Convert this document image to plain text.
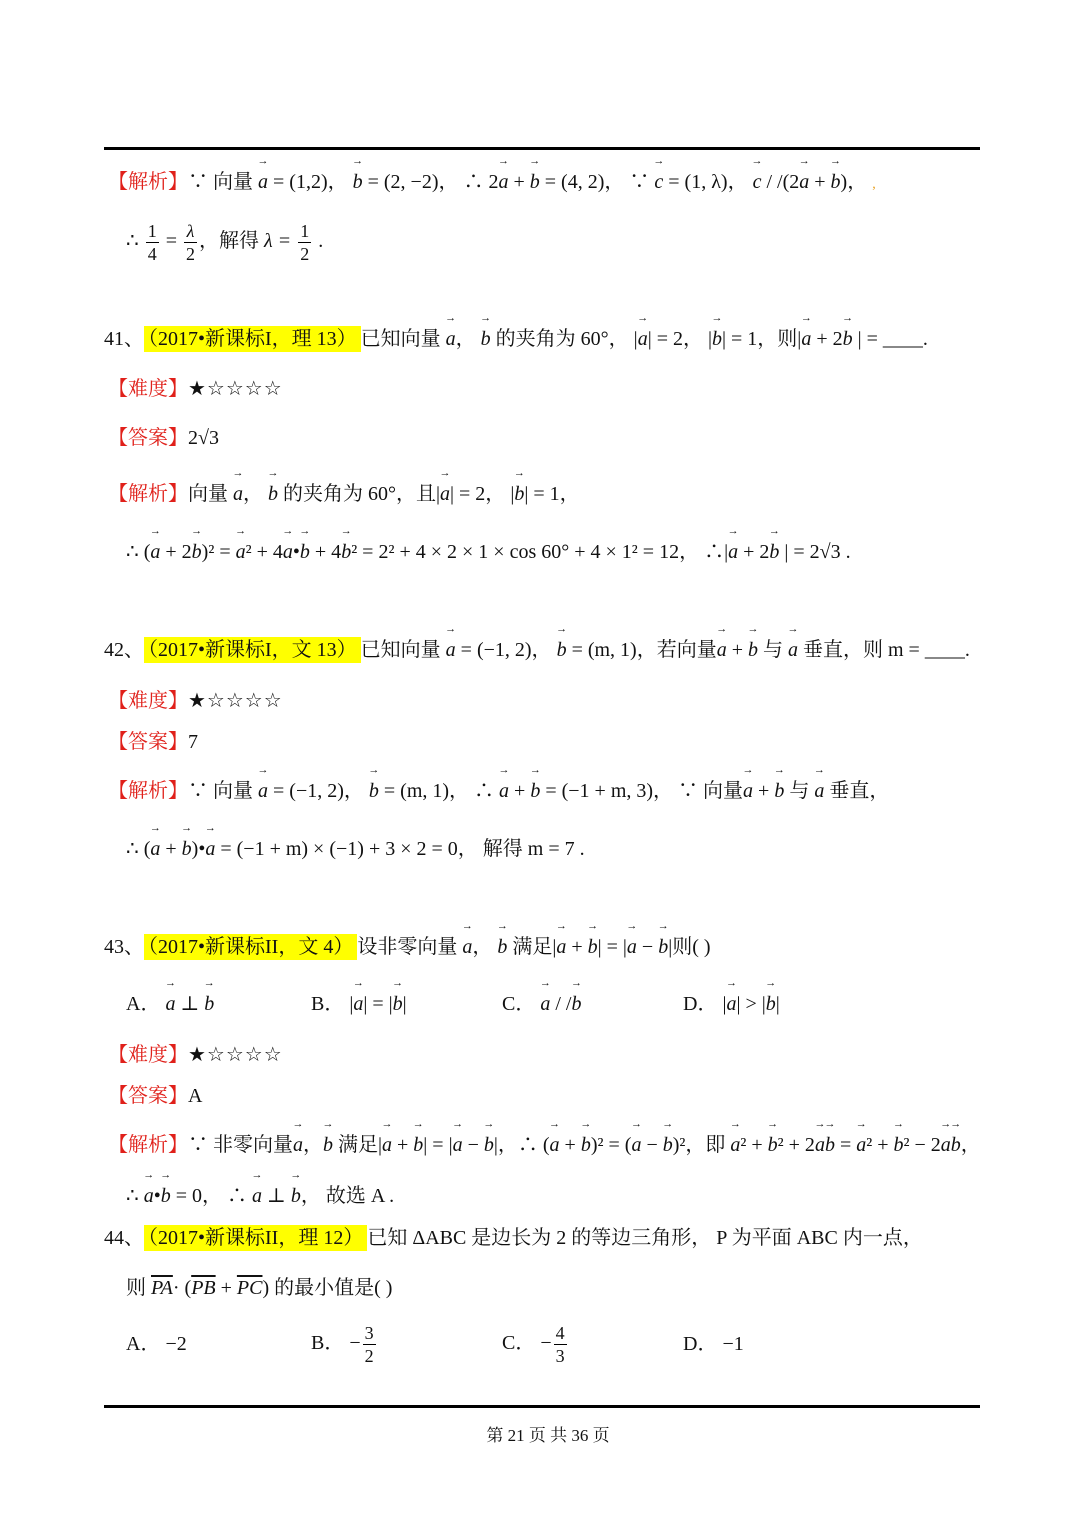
【解析】∵ 向量 → a = (1,2)， → b = (2, −2)， ∴ 2→ a + → b = (4, 2)， ∵ → c = (1, λ)， → c / /(2→ a + → b)， ,
∴ $\frac{1}{4} = \frac{\lambda}{2}$ ，解得 $\lambda = \frac{1}{2}$ .
41、 （2017•新课标I，理 13） 已知向量 → a， → b 的夹角为 60°， |→ a| = 2， |→ b| = 1，则|→ a + 2→ b | = ____.
【难度】★☆☆☆☆
【答案】2√3
【解析】向量 → a， → b 的夹角为 60°，且|→ a| = 2， |→ b| = 1，
∴ (→ a + 2→ b)² = → a² + 4→ a•→ b + 4→ b² = 2² + 4 × 2 × 1 × cos 60° + 4 × 1² = 12， ∴|→ a + 2→ b | = 2√3 .
42、 （2017•新课标I，文 13） 已知向量 → a = (−1, 2)， → b = (m, 1)，若向量→ a + → b 与 → a 垂直，则 m = ____.
【难度】★☆☆☆☆
【答案】7
【解析】∵ 向量 → a = (−1, 2)， → b = (m, 1)， ∴ → a + → b = (−1 + m, 3)， ∵ 向量→ a + → b 与 → a 垂直，
∴ (→ a + → b)•→ a = (−1 + m) × (−1) + 3 × 2 = 0， 解得 m = 7 .
43、 （2017•新课标II，文 4） 设非零向量 → a， → b 满足|→ a + → b| = |→ a − → b|则( )
A． → a ⊥ → b	B． |→ a| = |→ b|	C． → a / /→ b	D． |→ a| > |→ b|
【难度】★☆☆☆☆
【答案】A
【解析】∵ 非零向量→ a，→ b 满足|→ a + → b| = |→ a − → b|，∴ (→ a + → b)² = (→ a − → b)²，即 → a² + → b² + 2→ a→ b = → a² + → b² − 2→ a→ b，
∴ → a•→ b = 0， ∴ → a ⊥ → b， 故选 A .
44、 （2017•新课标II，理 12） 已知 ΔABC 是边长为 2 的等边三角形， P 为平面 ABC 内一点，
则 $\overline{PA}\cdot (\overline{PB} + \overline{PC})$ 的最小值是( )
A． −2	B． − $\frac{3}{2}$	C． − $\frac{4}{3}$	D． −1
第 21 页 共 36 页
